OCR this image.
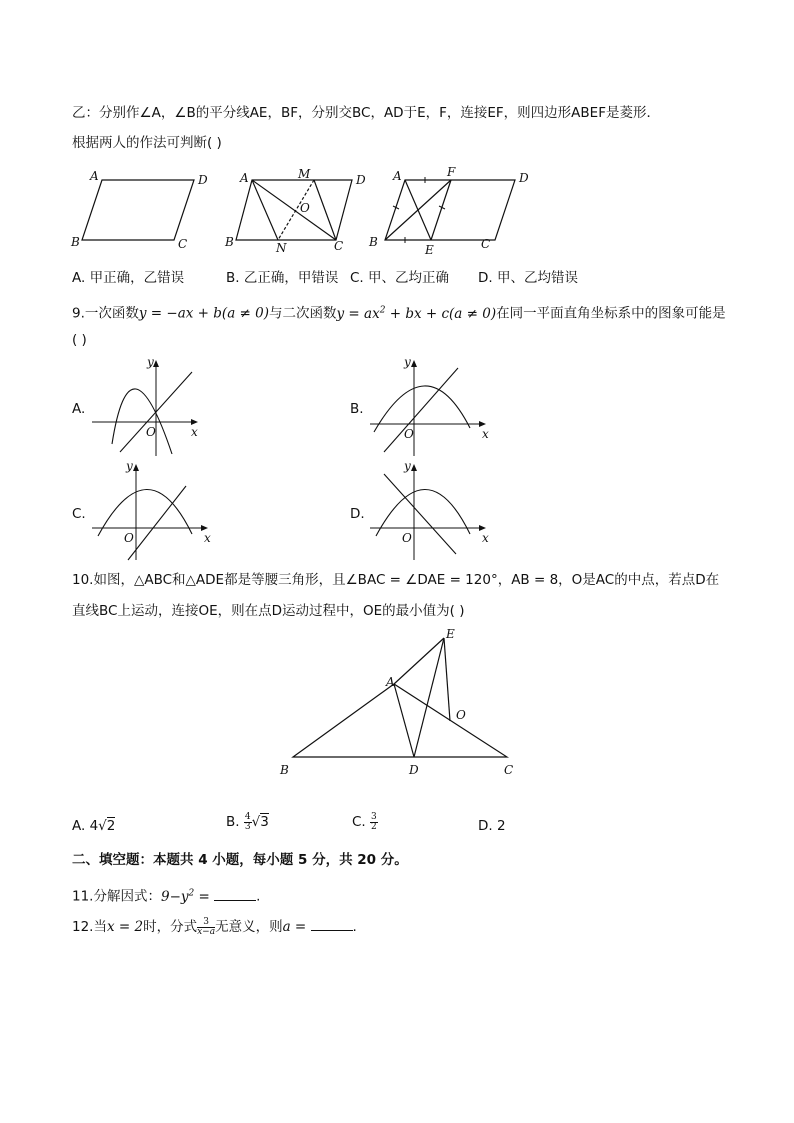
乙：分别作∠A，∠B的平分线AE，BF，分别交BC，AD于E，F，连接EF，则四边形ABEF是菱形．
根据两人的作法可判断( )
A	D
B	C
A	D
B	C
M
N
O
A	F	D
B
E	C
A. 甲正确，乙错误	B. 乙正确，甲错误 C. 甲、乙均正确 D. 甲、乙均错误
9.一次函数y = −ax + b(a ≠ 0)与二次函数$y = ax^2$ + bx + c(a ≠ 0)在同一平面直角坐标系中的图象可能是
( )
A.
y
x
O
B.
y
x
O
C.
y
x
O
D.
y
x
O
10.如图，△ABC和△ADE都是等腰三角形，且∠BAC = ∠DAE = 120°，AB = 8，O是AC的中点，若点D在
直线BC上运动，连接OE，则在点D运动过程中，OE的最小值为( )
A
B	C
D
E
O
A. 4√2	B. $\frac{4}{3} √3$	C. $\frac{3}{2}$	D. 2
二、填空题：本题共 4 小题，每小题 5 分，共 20 分。
11.分解因式：$9-y^2$ =	.
12.当x = 2时，分式 $\frac{3}{x-a}$ 无意义，则a =	.
